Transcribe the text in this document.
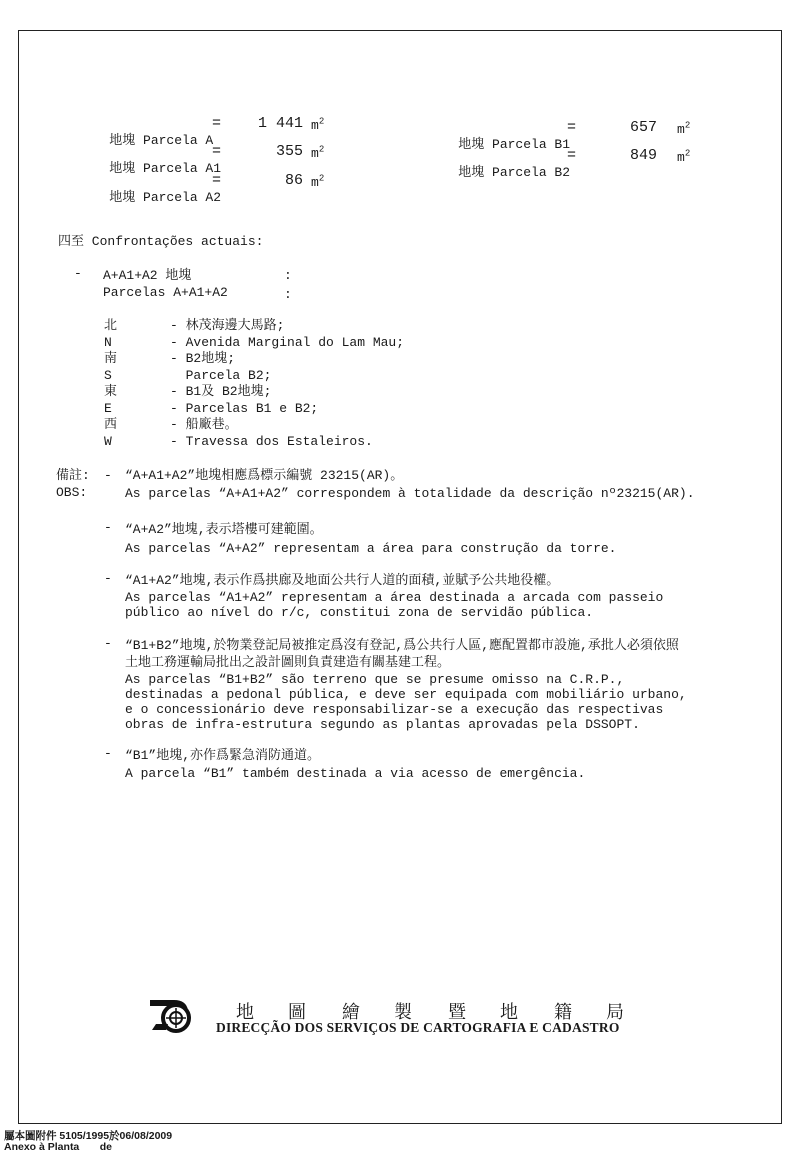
地塊 Parcela A

=	1 441 $m^2$

地塊 Parcela A1

=	355 $m^2$

地塊 Parcela A2

=	86 $m^2$

地塊 Parcela B1

=	657 $m^2$

地塊 Parcela B2

=	849 $m^2$
四至 Confrontações actuais:
- A+A1+A2 地塊	:
Parcelas A+A1+A2	:
北	- 林茂海邊大馬路;
N	- Avenida Marginal do Lam Mau;
南	- B2地塊;
S	Parcela B2;
東	- B1及 B2地塊;
E	- Parcelas B1 e B2;
西	- 船廠巷。
W	- Travessa dos Estaleiros.
備註:
OBS:
- “A+A1+A2”地塊相應爲標示編號 23215(AR)。
As parcelas “A+A1+A2” correspondem à totalidade da descrição nº23215(AR).
- “A+A2”地塊,表示塔樓可建範圍。
As parcelas “A+A2” representam a área para construção da torre.
- “A1+A2”地塊,表示作爲拱廊及地面公共行人道的面積,並賦予公共地役權。
As parcelas “A1+A2” representam a área destinada a arcada com passeio
público ao nível do r/c, constitui zona de servidão pública.
- “B1+B2”地塊,於物業登記局被推定爲沒有登記,爲公共行人區,應配置都市設施,承批人必須依照
土地工務運輸局批出之設計圖則負責建造有關基建工程。
As parcelas “B1+B2” são terreno que se presume omisso na C.R.P.,
destinadas a pedonal pública, e deve ser equipada com mobiliário urbano,
e o concessionário deve responsabilizar-se a execução das respectivas
obras de infra-estrutura segundo as plantas aprovadas pela DSSOPT.
- “B1”地塊,亦作爲緊急消防通道。
A parcela “B1” também destinada a via acesso de emergência.
地 圖 繪 製 暨 地 籍 局
DIRECÇÃO DOS SERVIÇOS DE CARTOGRAFIA E CADASTRO
屬本圖附件 5105/1995於06/08/2009
Anexo à Planta       de
